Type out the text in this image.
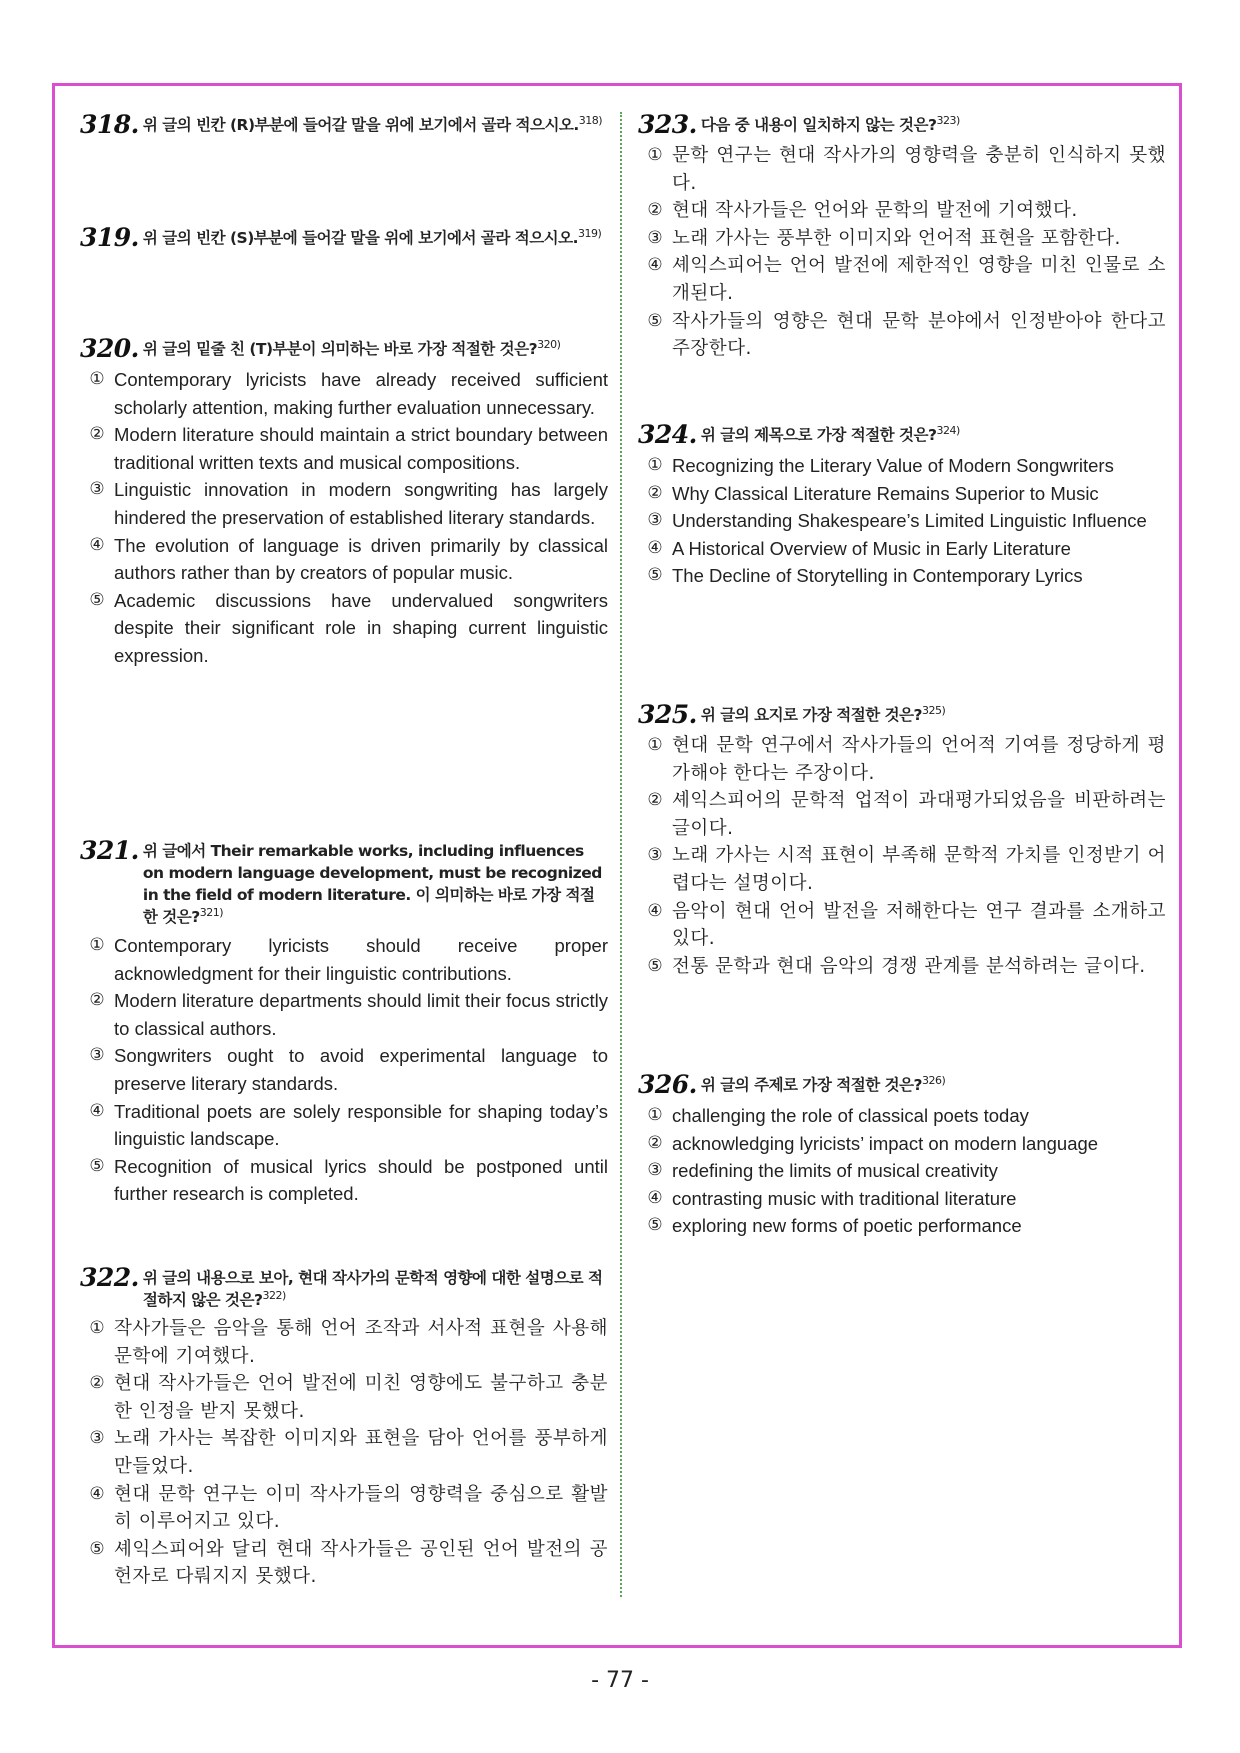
318. 위 글의 빈칸 (R)부분에 들어갈 말을 위에 보기에서 골라 적으시오.$^{318)}$
319. 위 글의 빈칸 (S)부분에 들어갈 말을 위에 보기에서 골라 적으시오.$^{319)}$
320. 위 글의 밑줄 친 (T)부분이 의미하는 바로 가장 적절한 것은?$^{320)}$
① Contemporary lyricists have already received sufficient scholarly attention, making further evaluation unnecessary.
② Modern literature should maintain a strict boundary between traditional written texts and musical compositions.
③ Linguistic innovation in modern songwriting has largely hindered the preservation of established literary standards.
④ The evolution of language is driven primarily by classical authors rather than by creators of popular music.
⑤ Academic discussions have undervalued songwriters despite their significant role in shaping current linguistic expression.
321. 위 글에서 Their remarkable works, including influences on modern language development, must be recognized in the field of modern literature. 이 의미하는 바로 가장 적절한 것은?$^{321)}$
① Contemporary lyricists should receive proper acknowledgment for their linguistic contributions.
② Modern literature departments should limit their focus strictly to classical authors.
③ Songwriters ought to avoid experimental language to preserve literary standards.
④ Traditional poets are solely responsible for shaping today’s linguistic landscape.
⑤ Recognition of musical lyrics should be postponed until further research is completed.
322. 위 글의 내용으로 보아, 현대 작사가의 문학적 영향에 대한 설명으로 적절하지 않은 것은?$^{322)}$
① 작사가들은 음악을 통해 언어 조작과 서사적 표현을 사용해 문학에 기여했다.
② 현대 작사가들은 언어 발전에 미친 영향에도 불구하고 충분한 인정을 받지 못했다.
③ 노래 가사는 복잡한 이미지와 표현을 담아 언어를 풍부하게 만들었다.
④ 현대 문학 연구는 이미 작사가들의 영향력을 중심으로 활발히 이루어지고 있다.
⑤ 셰익스피어와 달리 현대 작사가들은 공인된 언어 발전의 공헌자로 다뤄지지 못했다.
323. 다음 중 내용이 일치하지 않는 것은?$^{323)}$
① 문학 연구는 현대 작사가의 영향력을 충분히 인식하지 못했다.
② 현대 작사가들은 언어와 문학의 발전에 기여했다.
③ 노래 가사는 풍부한 이미지와 언어적 표현을 포함한다.
④ 셰익스피어는 언어 발전에 제한적인 영향을 미친 인물로 소개된다.
⑤ 작사가들의 영향은 현대 문학 분야에서 인정받아야 한다고 주장한다.
324. 위 글의 제목으로 가장 적절한 것은?$^{324)}$
① Recognizing the Literary Value of Modern Songwriters
② Why Classical Literature Remains Superior to Music
③ Understanding Shakespeare’s Limited Linguistic Influence
④ A Historical Overview of Music in Early Literature
⑤ The Decline of Storytelling in Contemporary Lyrics
325. 위 글의 요지로 가장 적절한 것은?$^{325)}$
① 현대 문학 연구에서 작사가들의 언어적 기여를 정당하게 평가해야 한다는 주장이다.
② 셰익스피어의 문학적 업적이 과대평가되었음을 비판하려는 글이다.
③ 노래 가사는 시적 표현이 부족해 문학적 가치를 인정받기 어렵다는 설명이다.
④ 음악이 현대 언어 발전을 저해한다는 연구 결과를 소개하고 있다.
⑤ 전통 문학과 현대 음악의 경쟁 관계를 분석하려는 글이다.
326. 위 글의 주제로 가장 적절한 것은?$^{326)}$
① challenging the role of classical poets today
② acknowledging lyricists’ impact on modern language
③ redefining the limits of musical creativity
④ contrasting music with traditional literature
⑤ exploring new forms of poetic performance
- 77 -
